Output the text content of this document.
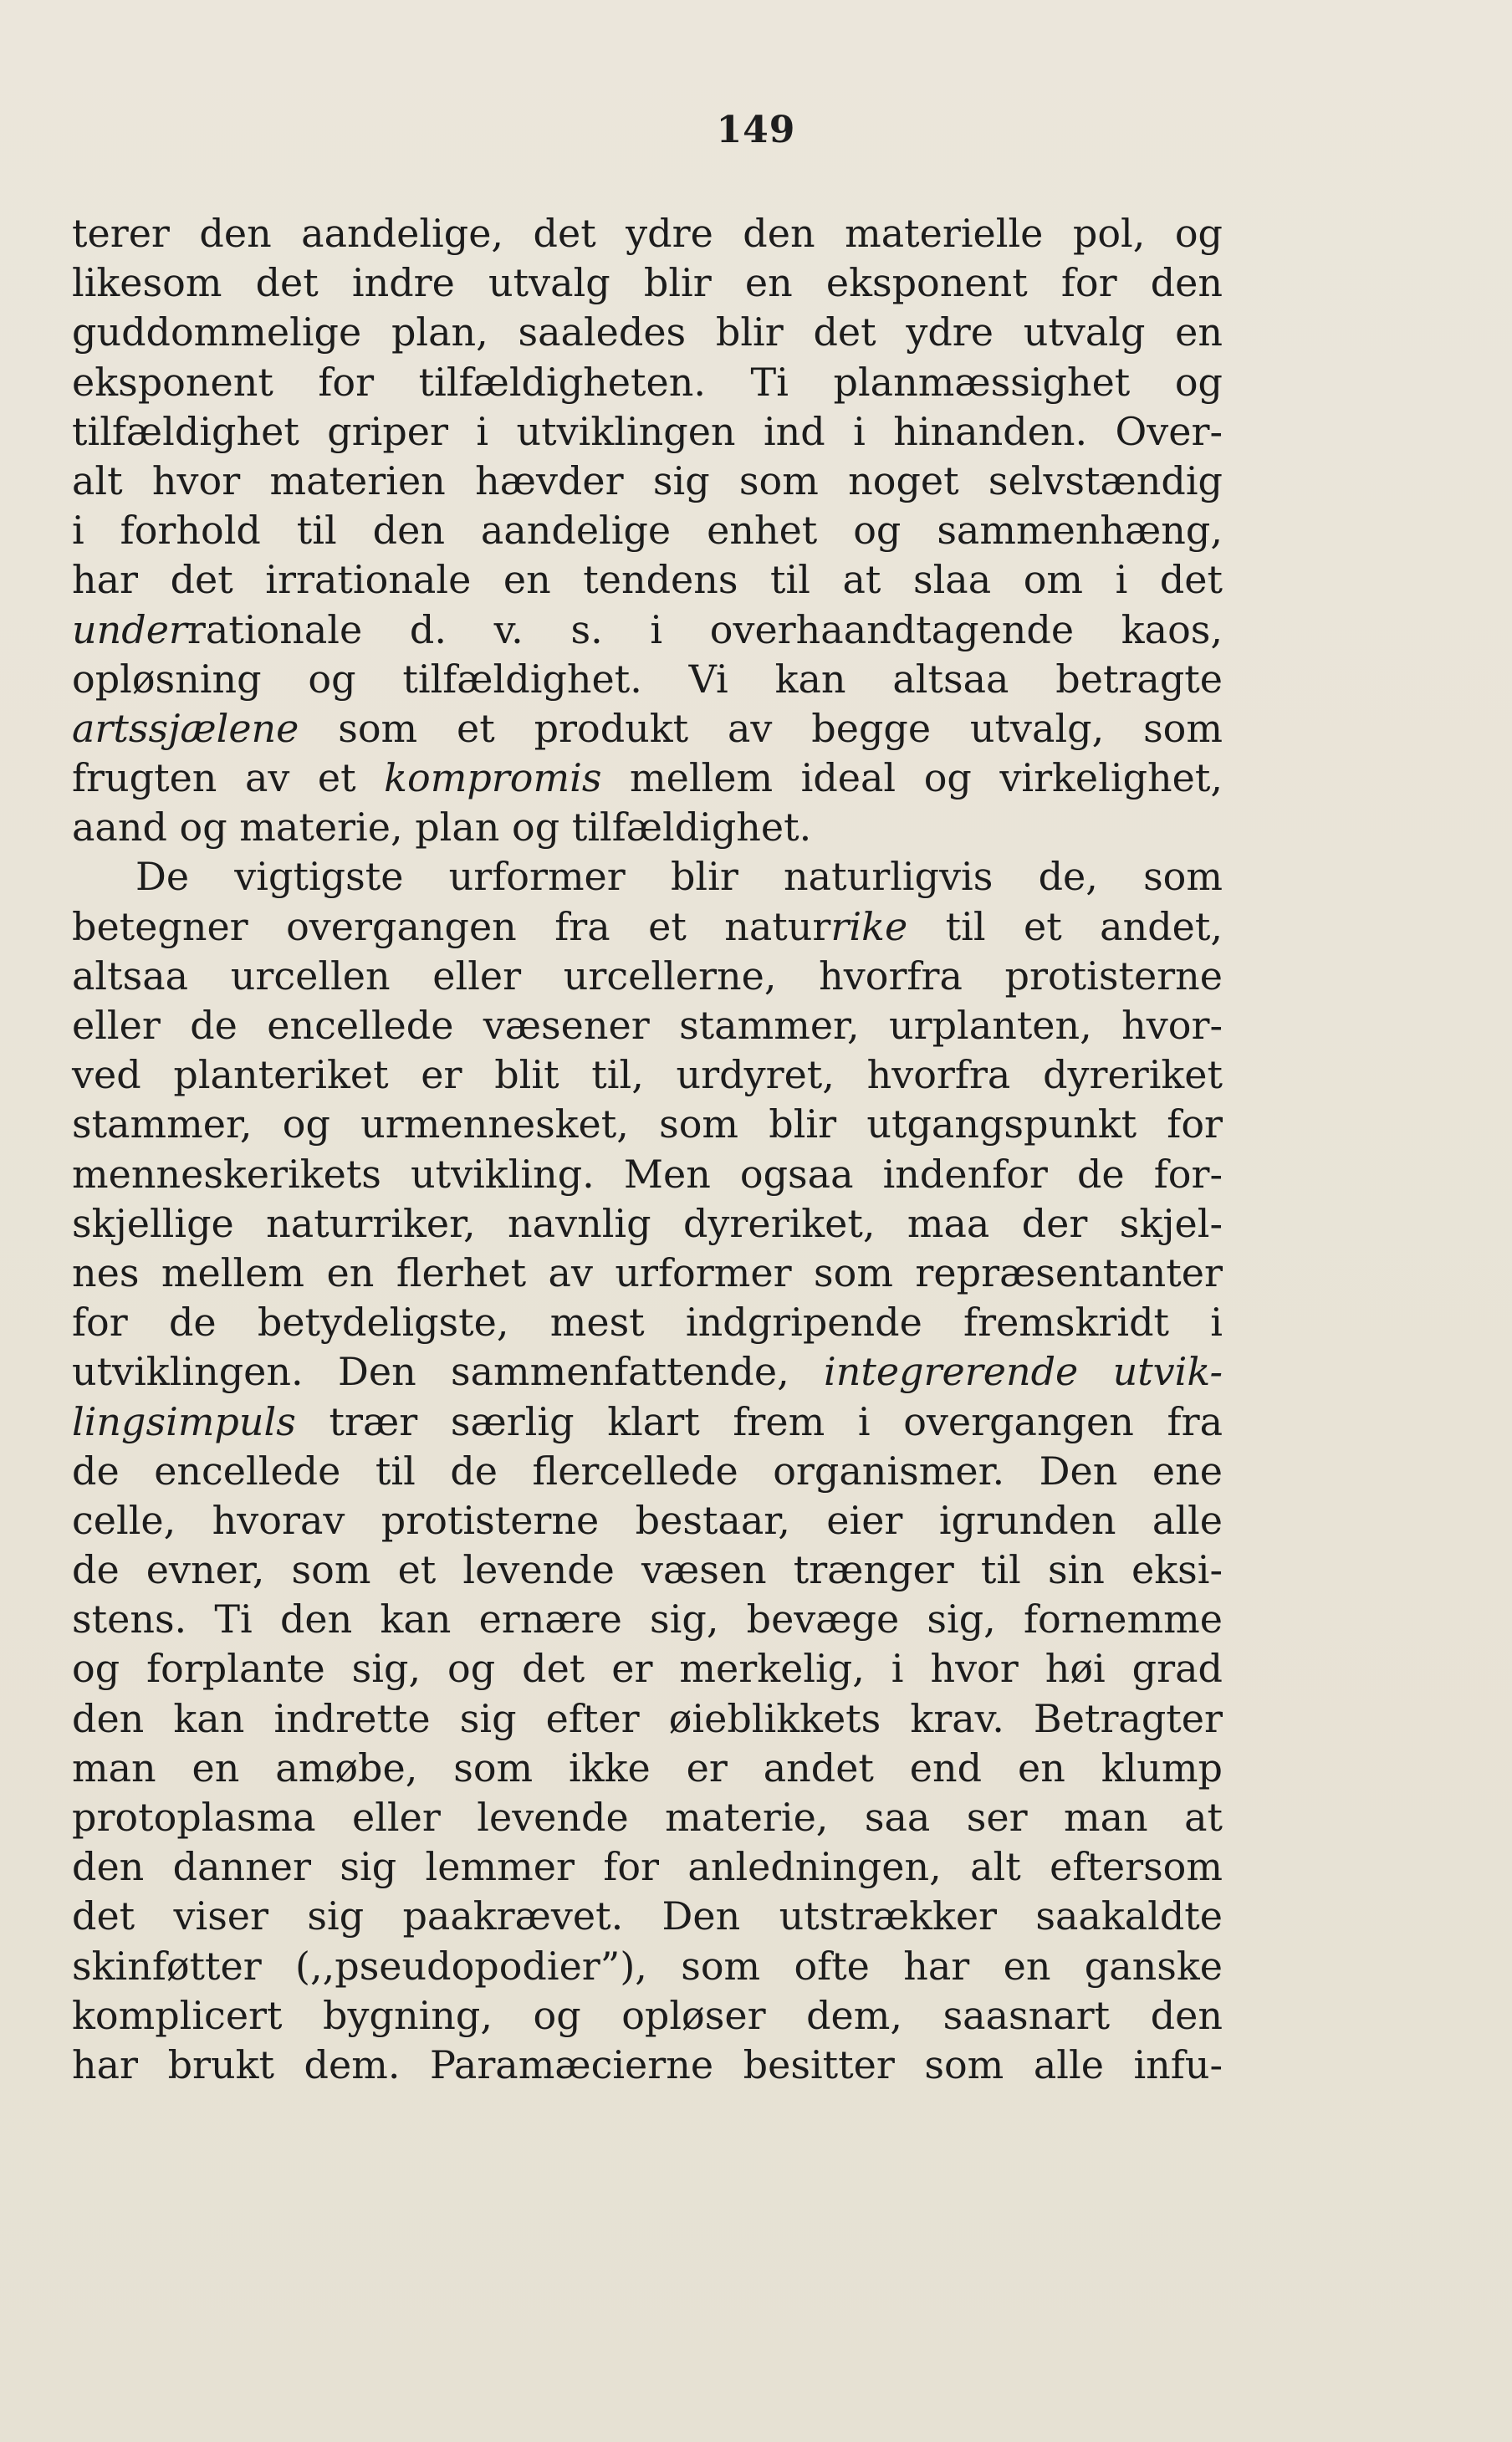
149
terer den aandelige, det ydre den materielle pol, og
likesom det indre utvalg blir en eksponent for den
guddommelige plan, saaledes blir det ydre utvalg en
eksponent for tilfældigheten. Ti planmæssighet og
tilfældighet griper i utviklingen ind i hinanden. Over-
alt hvor materien hævder sig som noget selvstændig
i forhold til den aandelige enhet og sammenhæng,
har det irrationale en tendens til at slaa om i det
underrationale d. v. s. i overhaandtagende kaos,
opløsning og tilfældighet. Vi kan altsaa betragte
artssjælene som et produkt av begge utvalg, som
frugten av et kompromis mellem ideal og virkelighet,
aand og materie, plan og tilfældighet.
De vigtigste urformer blir naturligvis de, som
betegner overgangen fra et naturrike til et andet,
altsaa urcellen eller urcellerne, hvorfra protisterne
eller de encellede væsener stammer, urplanten, hvor-
ved planteriket er blit til, urdyret, hvorfra dyreriket
stammer, og urmennesket, som blir utgangspunkt for
menneskerikets utvikling. Men ogsaa indenfor de for-
skjellige naturriker, navnlig dyreriket, maa der skjel-
nes mellem en flerhet av urformer som repræsentanter
for de betydeligste, mest indgripende fremskridt i
utviklingen. Den sammenfattende, integrerende utvik-
lingsimpuls trær særlig klart frem i overgangen fra
de encellede til de flercellede organismer. Den ene
celle, hvorav protisterne bestaar, eier igrunden alle
de evner, som et levende væsen trænger til sin eksi-
stens. Ti den kan ernære sig, bevæge sig, fornemme
og forplante sig, og det er merkelig, i hvor høi grad
den kan indrette sig efter øieblikkets krav. Betragter
man en amøbe, som ikke er andet end en klump
protoplasma eller levende materie, saa ser man at
den danner sig lemmer for anledningen, alt eftersom
det viser sig paakrævet. Den utstrækker saakaldte
skinføtter (,,pseudopodier”), som ofte har en ganske
komplicert bygning, og opløser dem, saasnart den
har brukt dem. Paramæcierne besitter som alle infu-
